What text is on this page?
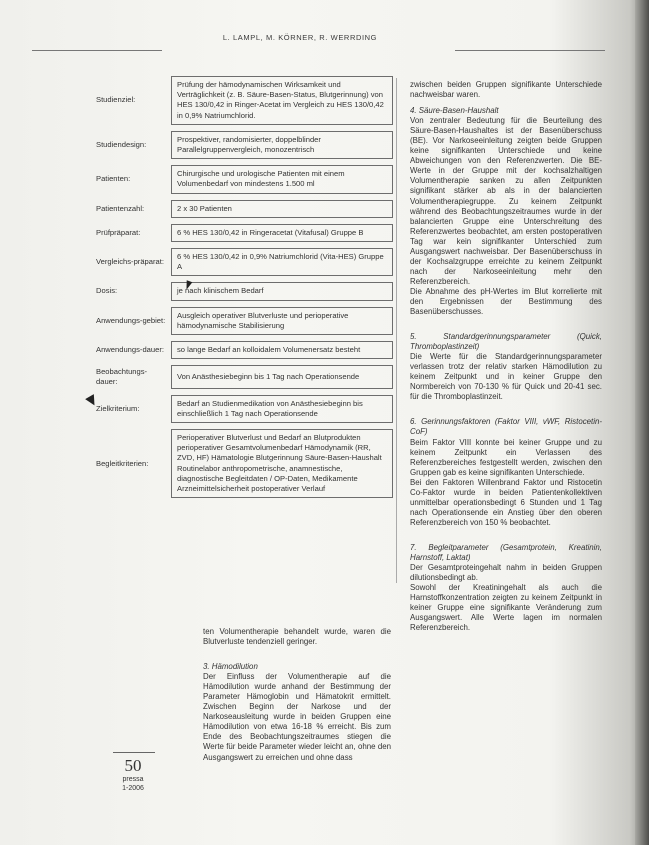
L. LAMPL, M. KÖRNER, R. WERRDING
Studienziel:	Prüfung der hämodynamischen Wirksamkeit und Verträglichkeit (z. B. Säure-Basen-Status, Blutgerinnung) von HES 130/0,42 in Ringer-Acetat im Vergleich zu HES 130/0,42 in 0,9% Natriumchlorid.

Studiendesign:	Prospektiver, randomisierter, doppelblinder Parallelgruppenvergleich, monozentrisch

Patienten:	Chirurgische und urologische Patienten mit einem Volumenbedarf von mindestens 1.500 ml

Patientenzahl:	2 x 30 Patienten

Prüfpräparat:	6 % HES 130/0,42 in Ringeracetat (Vitafusal) Gruppe B

Vergleichs-präparat:	6 % HES 130/0,42 in 0,9% Natriumchlorid (Vita-HES) Gruppe A

Dosis:	je nach klinischem Bedarf

Anwendungs-gebiet:	Ausgleich operativer Blutverluste und perioperative hämodynamische Stabilisierung

Anwendungs-dauer:	so lange Bedarf an kolloidalem Volumenersatz besteht

Beobachtungs-dauer:	Von Anästhesiebeginn bis 1 Tag nach Operationsende

Zielkriterium:	Bedarf an Studienmedikation von Anästhesiebeginn bis einschließlich 1 Tag nach Operationsende

Begleitkriterien:	Perioperativer Blutverlust und Bedarf an Blutprodukten perioperativer Gesamtvolumenbedarf Hämodynamik (RR, ZVD, HF) Hämatologie Blutgerinnung Säure-Basen-Haushalt Routinelabor anthropometrische, anamnestische, diagnostische Begleitdaten / OP-Daten, Medikamente Arzneimittelsicherheit postoperativer Verlauf

zwischen beiden Gruppen signifikante Unterschiede nachweisbar waren.

4. Säure-Basen-Haushalt

Von zentraler Bedeutung für die Beurteilung des Säure-Basen-Haushaltes ist der Basenüberschuss (BE). Vor Narkoseeinleitung zeigten beide Gruppen keine signifikanten Unterschiede und keine Abweichungen von den Referenzwerten. Die BE-Werte in der Gruppe mit der kochsalzhaltigen Volumentherapie sanken zu allen Zeitpunkten signifikant stärker ab als in der balancierten Volumentherapiegruppe. Zu keinem Zeitpunkt während des Beobachtungszeitraumes wurde in der balancierten Gruppe eine Unterschreitung des Referenzwertes beobachtet, am ersten postoperativen Tag war kein signifikanter Unterschied zum Ausgangswert nachweisbar. Der Basenüberschuss in der Kochsalzgruppe erreichte zu keinem Zeitpunkt nach der Narkoseeinleitung mehr den Referenzbereich.

Die Abnahme des pH-Wertes im Blut korrelierte mit den Ergebnissen der Bestimmung des Basenüberschusses.

5. Standardgerinnungsparameter (Quick, Thromboplastinzeit)

Die Werte für die Standardgerinnungsparameter verlassen trotz der relativ starken Hämodilution zu keinem Zeitpunkt und in keiner Gruppe den Normbereich von 70-130 % für Quick und 20-41 sec. für die Thromboplastinzeit.

6. Gerinnungsfaktoren (Faktor VIII, vWF, Ristocetin-CoF)

Beim Faktor VIII konnte bei keiner Gruppe und zu keinem Zeitpunkt ein Verlassen des Referenzbereiches festgestellt werden, zwischen den Gruppen gab es keine signifikanten Unterschiede.

Bei den Faktoren Willenbrand Faktor und Ristocetin Co-Faktor wurde in beiden Patientenkollektiven unmittelbar operationsbedingt 6 Stunden und 1 Tag nach Operationsende ein Anstieg über den oberen Referenzbereich von 150 % beobachtet.

7. Begleitparameter (Gesamtprotein, Kreatinin, Harnstoff, Laktat)

Der Gesamtproteingehalt nahm in beiden Gruppen dilutionsbedingt ab.

Sowohl der Kreatiningehalt als auch die Harnstoffkonzentration zeigten zu keinem Zeitpunkt in keiner Gruppe eine signifikante Veränderung zum Ausgangswert. Alle Werte lagen im normalen Referenzbereich.

ten Volumentherapie behandelt wurde, waren die Blutverluste tendenziell geringer.

3. Hämodilution

Der Einfluss der Volumentherapie auf die Hämodilution wurde anhand der Bestimmung der Parameter Hämoglobin und Hämatokrit ermittelt. Zwischen Beginn der Narkose und der Narkoseausleitung wurde in beiden Gruppen eine Hämodilution von etwa 16-18 % erreicht. Bis zum Ende des Beobachtungszeitraumes stiegen die Werte für beide Parameter wieder leicht an, ohne den Ausgangswert zu erreichen und ohne dass

50
pressa
1-2006
